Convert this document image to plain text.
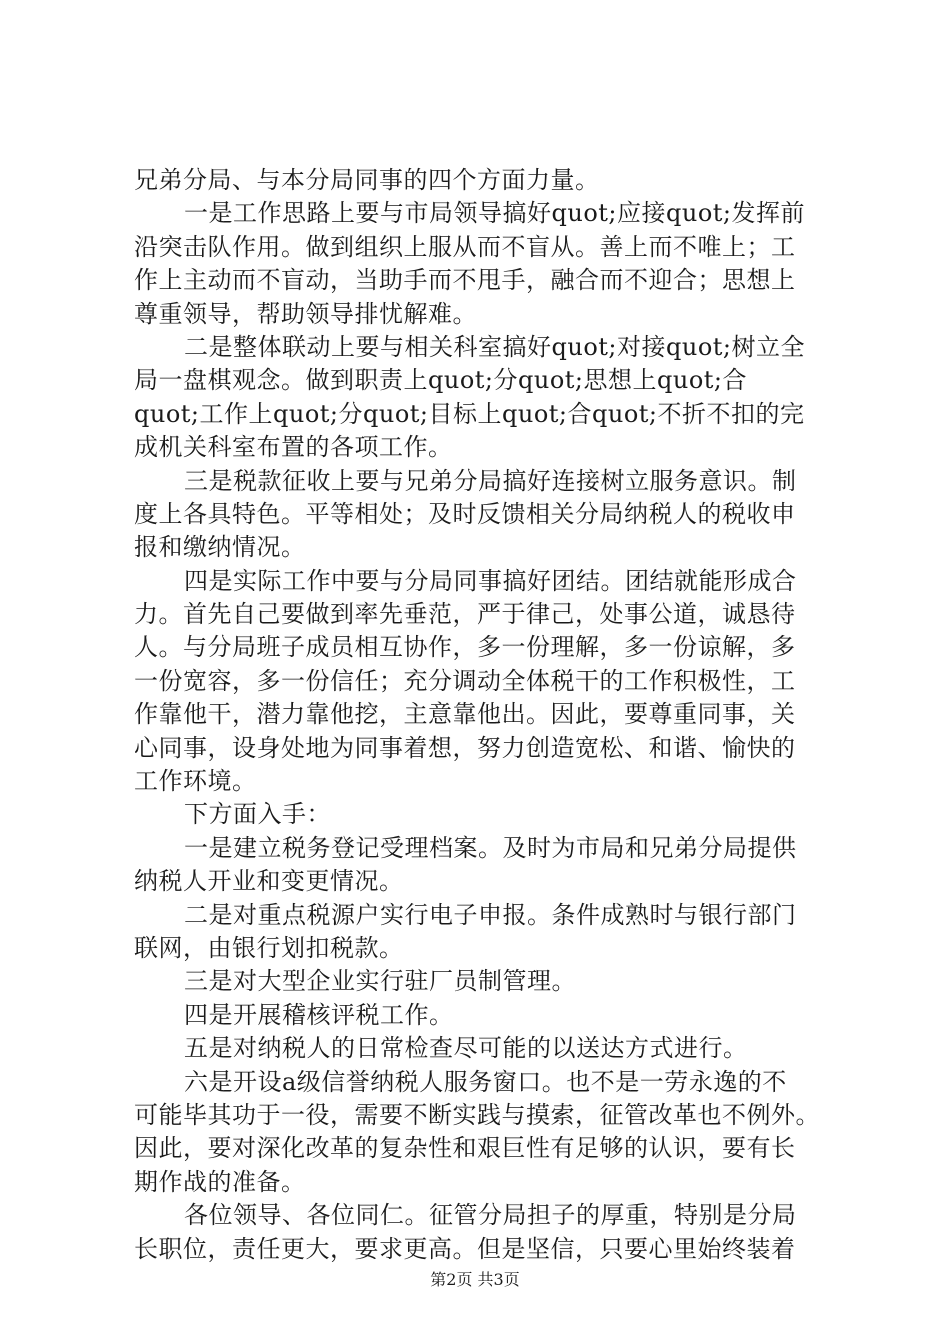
兄弟分局、与本分局同事的四个方面力量。
一是工作思路上要与市局领导搞好quot;应接quot;发挥前
沿突击队作用。做到组织上服从而不盲从。善上而不唯上；工
作上主动而不盲动，当助手而不甩手，融合而不迎合；思想上
尊重领导，帮助领导排忧解难。
二是整体联动上要与相关科室搞好quot;对接quot;树立全
局一盘棋观念。做到职责上quot;分quot;思想上quot;合
quot;工作上quot;分quot;目标上quot;合quot;不折不扣的完
成机关科室布置的各项工作。
三是税款征收上要与兄弟分局搞好连接树立服务意识。制
度上各具特色。平等相处；及时反馈相关分局纳税人的税收申
报和缴纳情况。
四是实际工作中要与分局同事搞好团结。团结就能形成合
力。首先自己要做到率先垂范，严于律己，处事公道，诚恳待
人。与分局班子成员相互协作，多一份理解，多一份谅解，多
一份宽容，多一份信任；充分调动全体税干的工作积极性，工
作靠他干，潜力靠他挖，主意靠他出。因此，要尊重同事，关
心同事，设身处地为同事着想，努力创造宽松、和谐、愉快的
工作环境。
下方面入手：
一是建立税务登记受理档案。及时为市局和兄弟分局提供
纳税人开业和变更情况。
二是对重点税源户实行电子申报。条件成熟时与银行部门
联网，由银行划扣税款。
三是对大型企业实行驻厂员制管理。
四是开展稽核评税工作。
五是对纳税人的日常检查尽可能的以送达方式进行。
六是开设a级信誉纳税人服务窗口。也不是一劳永逸的不
可能毕其功于一役，需要不断实践与摸索，征管改革也不例外。
因此，要对深化改革的复杂性和艰巨性有足够的认识，要有长
期作战的准备。
各位领导、各位同仁。征管分局担子的厚重，特别是分局
长职位，责任更大，要求更高。但是坚信，只要心里始终装着
第2页 共3页
